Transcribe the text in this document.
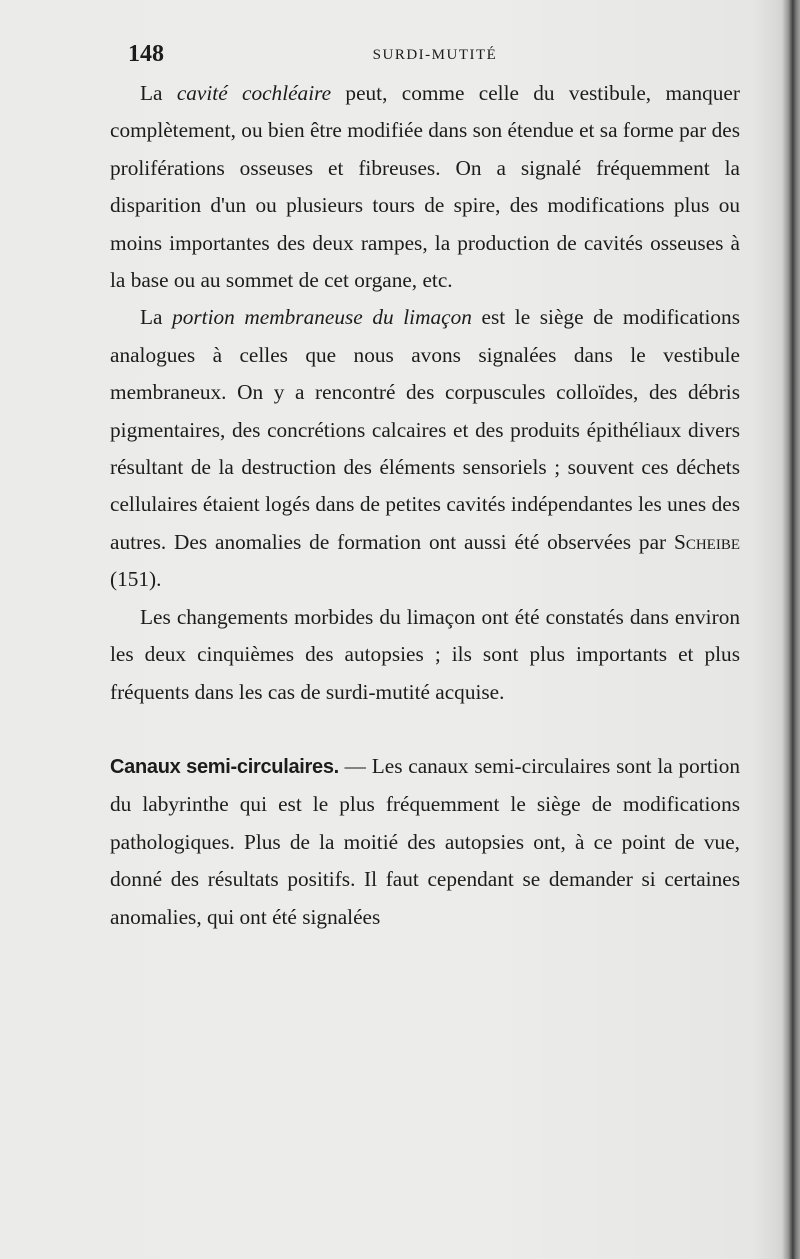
148	SURDI-MUTITÉ

La cavité cochléaire peut, comme celle du vestibule, manquer complètement, ou bien être modifiée dans son étendue et sa forme par des proliférations osseuses et fibreuses. On a signalé fréquemment la disparition d'un ou plusieurs tours de spire, des modifications plus ou moins importantes des deux rampes, la production de cavités osseuses à la base ou au sommet de cet organe, etc.

La portion membraneuse du limaçon est le siège de modifications analogues à celles que nous avons signalées dans le vestibule membraneux. On y a rencontré des corpuscules colloïdes, des débris pigmentaires, des concrétions calcaires et des produits épithéliaux divers résultant de la destruction des éléments sensoriels ; souvent ces déchets cellulaires étaient logés dans de petites cavités indépendantes les unes des autres. Des anomalies de formation ont aussi été observées par Scheibe (151).

Les changements morbides du limaçon ont été constatés dans environ les deux cinquièmes des autopsies ; ils sont plus importants et plus fréquents dans les cas de surdi-mutité acquise.

Canaux semi-circulaires. — Les canaux semi-circulaires sont la portion du labyrinthe qui est le plus fréquemment le siège de modifications pathologiques. Plus de la moitié des autopsies ont, à ce point de vue, donné des résultats positifs. Il faut cependant se demander si certaines anomalies, qui ont été signalées
